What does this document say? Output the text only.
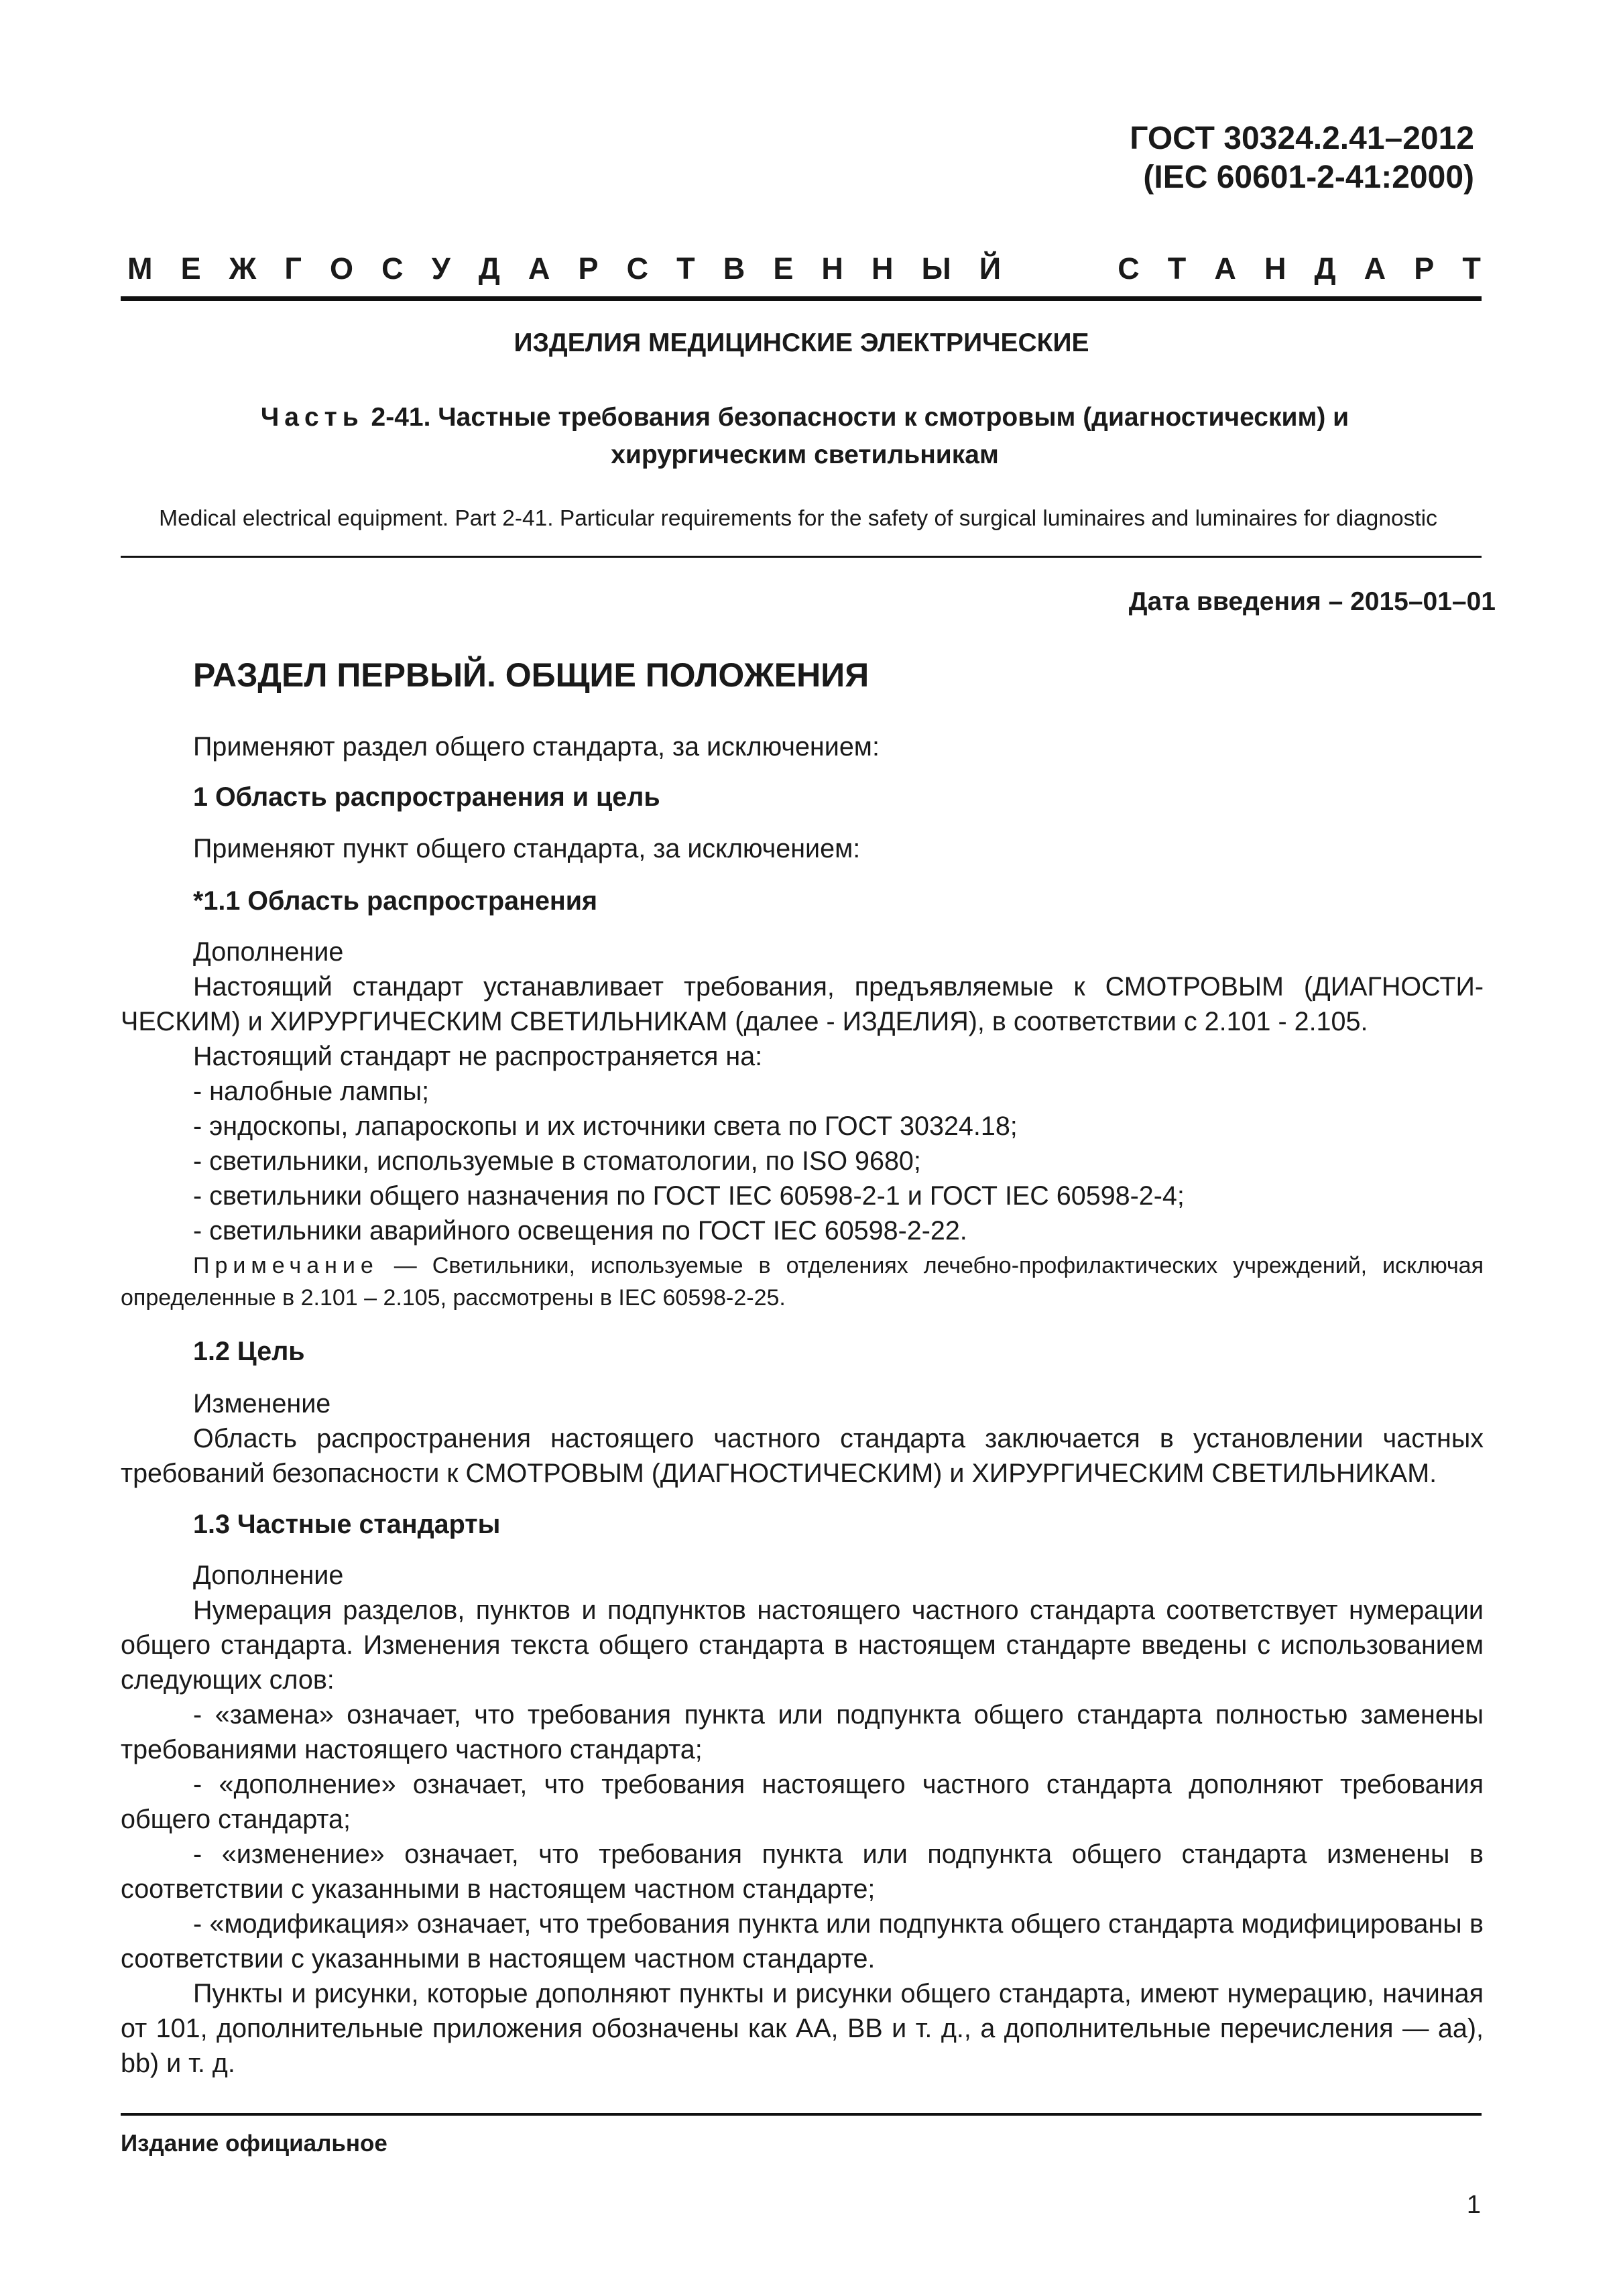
ГОСТ 30324.2.41–2012
(IEC 60601-2-41:2000)
М Е Ж Г О С У Д А Р С Т В Е Н Н Ы Й	С Т А Н Д А Р Т
ИЗДЕЛИЯ МЕДИЦИНСКИЕ ЭЛЕКТРИЧЕСКИЕ
Часть 2-41. Частные требования безопасности к смотровым (диагностическим) и
хирургическим светильникам
Medical electrical equipment. Part 2-41. Particular requirements for the safety of surgical luminaires and luminaires for diagnostic
Дата введения – 2015–01–01
РАЗДЕЛ ПЕРВЫЙ. ОБЩИЕ ПОЛОЖЕНИЯ
Применяют раздел общего стандарта, за исключением:
1 Область распространения и цель
Применяют пункт общего стандарта, за исключением:
*1.1 Область распространения
Дополнение
Настоящий стандарт устанавливает требования, предъявляемые к СМОТРОВЫМ (ДИАГНОСТИ-ЧЕСКИМ) и ХИРУРГИЧЕСКИМ СВЕТИЛЬНИКАМ (далее - ИЗДЕЛИЯ), в соответствии с 2.101 - 2.105.
Настоящий стандарт не распространяется на:
- налобные лампы;
- эндоскопы, лапароскопы и их источники света по ГОСТ 30324.18;
- светильники, используемые в стоматологии, по ISO 9680;
- светильники общего назначения по ГОСТ IEC 60598-2-1 и ГОСТ IEC 60598-2-4;
- светильники аварийного освещения по ГОСТ IEC 60598-2-22.
Примечание — Светильники, используемые в отделениях лечебно-профилактических учреждений, исключая определенные в 2.101 – 2.105, рассмотрены в IEC 60598-2-25.
1.2 Цель
Изменение
Область распространения настоящего частного стандарта заключается в установлении частных требований безопасности к СМОТРОВЫМ (ДИАГНОСТИЧЕСКИМ) и ХИРУРГИЧЕСКИМ СВЕТИЛЬНИКАМ.
1.3 Частные стандарты
Дополнение
Нумерация разделов, пунктов и подпунктов настоящего частного стандарта соответствует нумерации общего стандарта. Изменения текста общего стандарта в настоящем стандарте введены с использованием следующих слов:
- «замена» означает, что требования пункта или подпункта общего стандарта полностью заменены требованиями настоящего частного стандарта;
- «дополнение» означает, что требования настоящего частного стандарта дополняют требования общего стандарта;
- «изменение» означает, что требования пункта или подпункта общего стандарта изменены в соответствии с указанными в настоящем частном стандарте;
- «модификация» означает, что требования пункта или подпункта общего стандарта модифицированы в соответствии с указанными в настоящем частном стандарте.
Пункты и рисунки, которые дополняют пункты и рисунки общего стандарта, имеют нумерацию, начиная от 101, дополнительные приложения обозначены как АА, ВВ и т. д., а дополнительные перечисления — аа), bb) и т. д.
Издание официальное
1
